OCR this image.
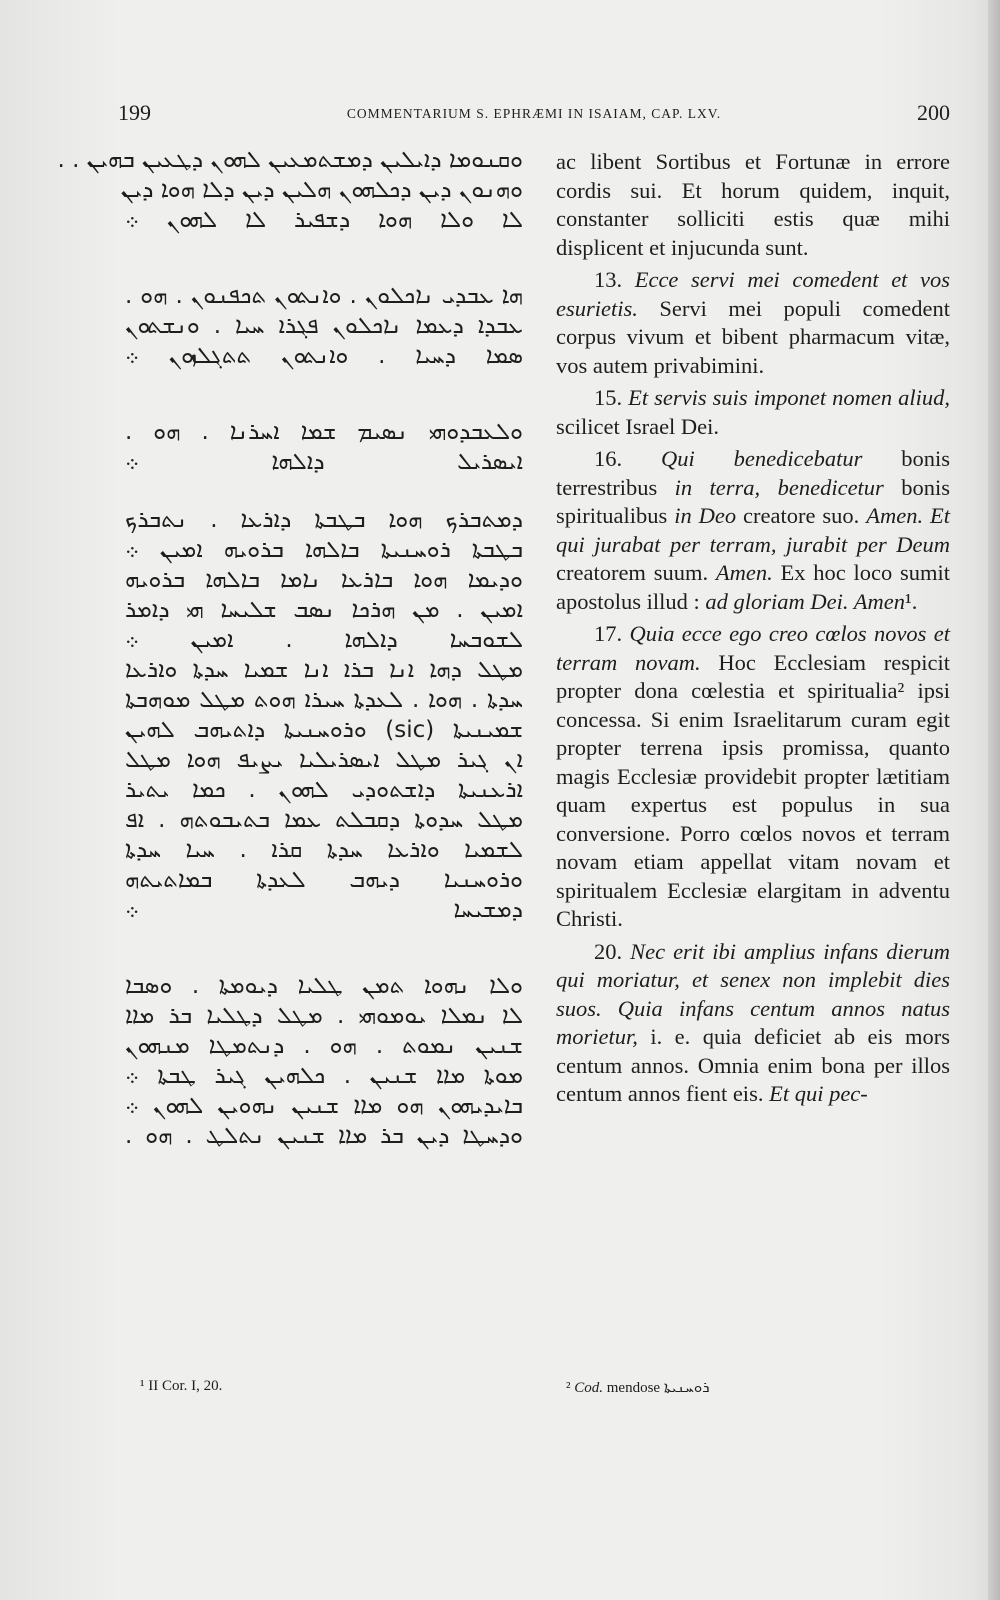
199	COMMENTARIUM S. EPHRÆMI IN ISAIAM, CAP. LXV.	200
ܘܩܢܘܡܐ ܕܐܝܠܝܢ ܕܡܫܬܡܥܝܢ ܠܗܘܢ ܕܛܥܝܢ ܒܗܝܢ . .
ܘܗܢܘܢ ܕܝܢ ܕܟܠܗܘܢ ܗܠܝܢ ܕܝܢ ܕܠܐ ܗܘܐ ܕܝܢ
ܠܐ ܘܠܐ ܗܘܐ ܕܫܦܝܪ ܠܐ ܠܗܘܢ ܀
ܗܐ ܥܒܕܝ ܢܐܟܠܘܢ . ܘܐܢܬܘܢ ܬܟܦܢܘܢ . ܗܘ .
ܥܒܕܐ ܕܥܡܐ ܢܐܟܠܘܢ ܦܓܪܐ ܚܝܐ . ܘܢܫܬܘܢ
ܣܡܐ ܕܚܝܐ . ܘܐܢܬܘܢ ܬܬܓܠܙܘܢ ܀
ܘܠܥܒܕܘܗܝ ܢܣܝܡ ܫܡܐ ܐܚܪܢܐ . ܗܘ .
ܐܝܣܪܝܠ ܕܐܠܗܐ ܀
ܕܡܬܒܪܟ ܗܘܐ ܒܛܒܬܐ ܕܐܪܥܐ . ܢܬܒܪܟ
ܒܛܒܬܐ ܪܘܚܢܝܬܐ ܒܐܠܗܐ ܒܪܘܝܗ ܐܡܝܢ ܀
ܘܕܝܡܐ ܗܘܐ ܒܐܪܥܐ ܢܐܡܐ ܒܐܠܗܐ ܒܪܘܝܗ
ܐܡܝܢ . ܡܢ ܗܪܟܐ ܢܣܒ ܫܠܝܚܐ ܗܝ ܕܐܡܪ
ܠܫܘܒܚܐ ܕܐܠܗܐ . ܐܡܝܢ ܀
ܡܛܠ ܕܗܐ ܐܢܐ ܒܪܐ ܐܢܐ ܫܡܝܐ ܚܕܬܐ ܘܐܪܥܐ
ܚܕܬܐ . ܗܘܐ . ܠܥܕܬܐ ܚܝܪܐ ܗܘܬ ܡܛܠ ܡܘܗܒܬܐ
ܫܡܝܢܝܬܐ (sic) ܘܪܘܚܢܝܬܐ ܕܐܬܝܗܒ ܠܗܝܢ
ܐܢ ܓܝܪ ܡܛܠ ܐܝܣܪܝܠܝܐ ܝܨܝܦ ܗܘܐ ܡܛܠ
ܐܪܥܢܝܬܐ ܕܐܫܬܘܕܝ ܠܗܘܢ . ܟܡܐ ܝܬܝܪ
ܡܛܠ ܚܕܘܬܐ ܕܩܒܠܬ ܥܡܐ ܒܬܝܒܘܬܗ . ܐܦ
ܠܫܡܝܐ ܘܐܪܥܐ ܚܕܬܐ ܩܪܐ . ܚܝܐ ܚܕܬܐ
ܘܪܘܚܢܝܐ ܕܝܗܒ ܠܥܕܬܐ ܒܡܐܬܝܬܗ
ܕܡܫܝܚܐ ܀
ܘܠܐ ܢܗܘܐ ܬܡܢ ܛܠܝܐ ܕܝܘܡܬܐ . ܘܣܒܐ
ܠܐ ܢܡܠܐ ܝܘܡܘܗܝ . ܡܛܠ ܕܛܠܝܐ ܒܪ ܡܐܐ
ܫܢܝܢ ܢܡܘܬ . ܗܘ . ܕܢܬܡܛܐ ܡܢܗܘܢ
ܡܘܬܐ ܡܐܐ ܫܢܝܢ . ܟܠܗܝܢ ܓܝܪ ܛܒܬܐ ܀
ܒܐܝܕܝܗܘܢ ܗܘ ܡܐܐ ܫܢܝܢ ܢܗܘܝܢ ܠܗܘܢ ܀
ܘܕܚܛܐ ܕܝܢ ܒܪ ܡܐܐ ܫܢܝܢ ܢܬܠܛ . ܗܘ .

ac libent Sortibus et Fortunæ in errore cordis sui. Et horum quidem, inquit, constanter solliciti estis quæ mihi displicent et injucunda sunt.

13. Ecce servi mei comedent et vos esurietis. Servi mei populi comedent corpus vivum et bibent pharmacum vitæ, vos autem privabimini.

15. Et servis suis imponet nomen aliud, scilicet Israel Dei.

16. Qui benedicebatur bonis terrestribus in terra, benedicetur bonis spiritualibus in Deo creatore suo. Amen. Et qui jurabat per terram, jurabit per Deum creatorem suum. Amen. Ex hoc loco sumit apostolus illud : ad gloriam Dei. Amen¹.

17. Quia ecce ego creo cœlos novos et terram novam. Hoc Ecclesiam respicit propter dona cœlestia et spiritualia² ipsi concessa. Si enim Israelitarum curam egit propter terrena ipsis promissa, quanto magis Ecclesiæ providebit propter lætitiam quam expertus est populus in sua conversione. Porro cœlos novos et terram novam etiam appellat vitam novam et spiritualem Ecclesiæ elargitam in adventu Christi.

20. Nec erit ibi amplius infans dierum qui moriatur, et senex non implebit dies suos. Quia infans centum annos natus morietur, i. e. quia deficiet ab eis mors centum annos. Omnia enim bona per illos centum annos fient eis. Et qui pec-

¹ II Cor. I, 20.	² Cod. mendose ܪܘܚܢܝܬܐ
